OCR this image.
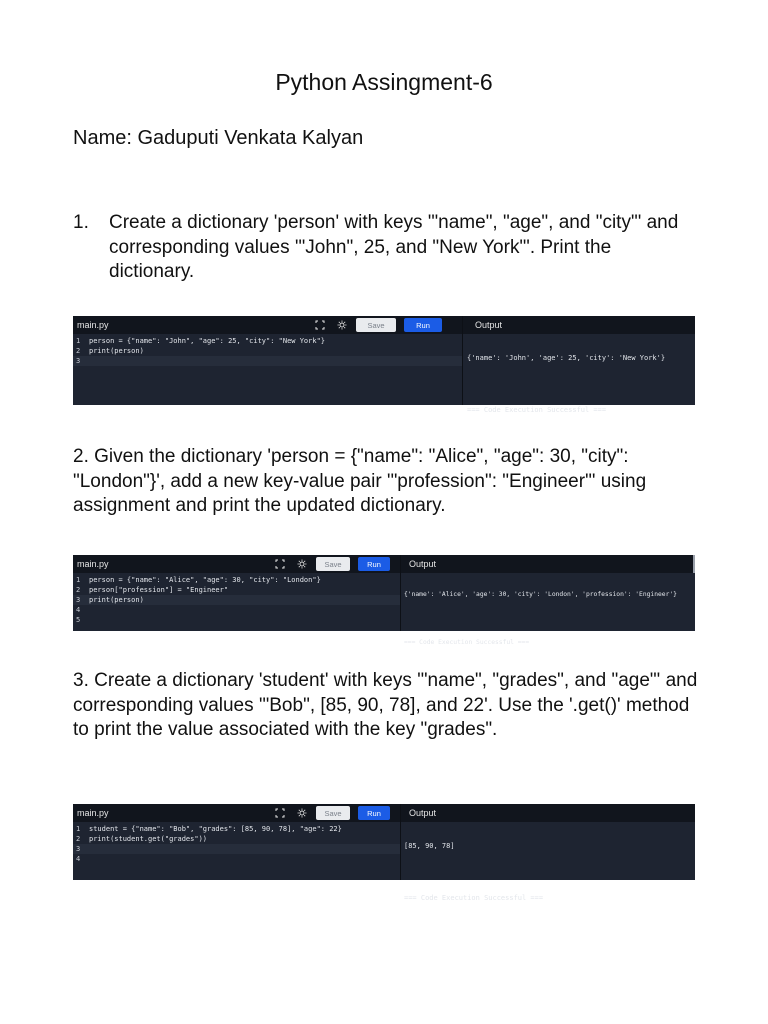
Python Assingment-6
Name: Gaduputi Venkata Kalyan
1.	Create a dictionary 'person' with keys '"name", "age", and "city"' and corresponding values '"John", 25, and "New York"'. Print the dictionary.
main.py	Save	Run	Output
1	person = {"name": "John", "age": 25, "city": "New York"}
2	print(person)
3

	{'name': 'John', 'age': 25, 'city': 'New York'}

=== Code Execution Successful ===

2. Given the dictionary 'person = {"name": "Alice", "age": 30, "city": "London"}', add a new key-value pair '"profession": "Engineer"' using assignment and print the updated dictionary.
main.py	Save	Run	Output
1	person = {"name": "Alice", "age": 30, "city": "London"}
2	person["profession"] = "Engineer"
3	print(person)
4
5

{'name': 'Alice', 'age': 30, 'city': 'London', 'profession': 'Engineer'}

=== Code Execution Successful ===

3. Create a dictionary 'student' with keys '"name", "grades", and "age"' and corresponding values '"Bob", [85, 90, 78], and 22'. Use the '.get()' method to print the value associated with the key "grades".
main.py	Save	Run	Output
1	student = {"name": "Bob", "grades": [85, 90, 78], "age": 22}
2	print(student.get("grades"))
3
4

[85, 90, 78]

=== Code Execution Successful ===
